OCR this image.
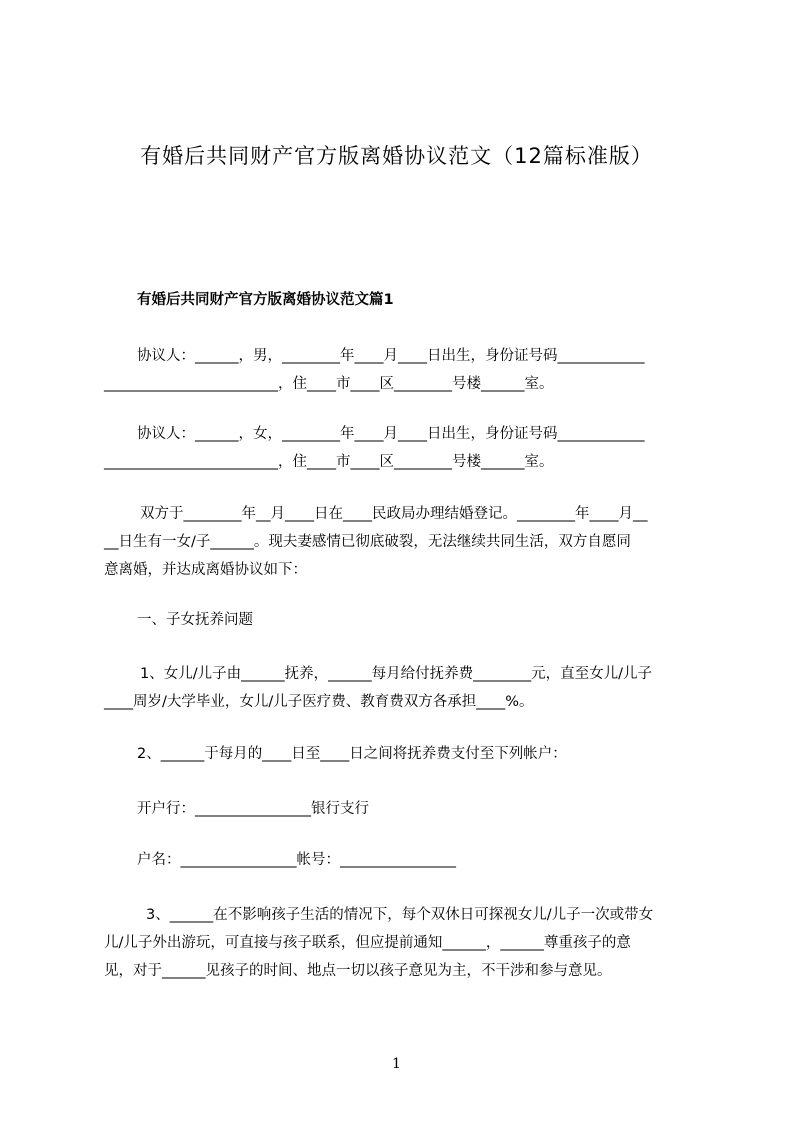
有婚后共同财产官方版离婚协议范文（12篇标准版）
有婚后共同财产官方版离婚协议范文篇1
协议人：______，男，________年____月____日出生，身份证号码____________
________________________，住____市____区________号楼______室。
协议人：______，女，________年____月____日出生，身份证号码____________
________________________，住____市____区________号楼______室。
双方于________年__月____日在____民政局办理结婚登记。________年____月__
__日生有一女/子______。现夫妻感情已彻底破裂，无法继续共同生活，双方自愿同
意离婚，并达成离婚协议如下：
一、子女抚养问题
1、女儿/儿子由______抚养，______每月给付抚养费________元，直至女儿/儿子
____周岁/大学毕业，女儿/儿子医疗费、教育费双方各承担____%。
2、______于每月的____日至____日之间将抚养费支付至下列帐户：
开户行：________________银行支行
户名：________________帐号：________________
3、______在不影响孩子生活的情况下，每个双休日可探视女儿/儿子一次或带女
儿/儿子外出游玩，可直接与孩子联系，但应提前通知______，______尊重孩子的意
见，对于______见孩子的时间、地点一切以孩子意见为主，不干涉和参与意见。
1
